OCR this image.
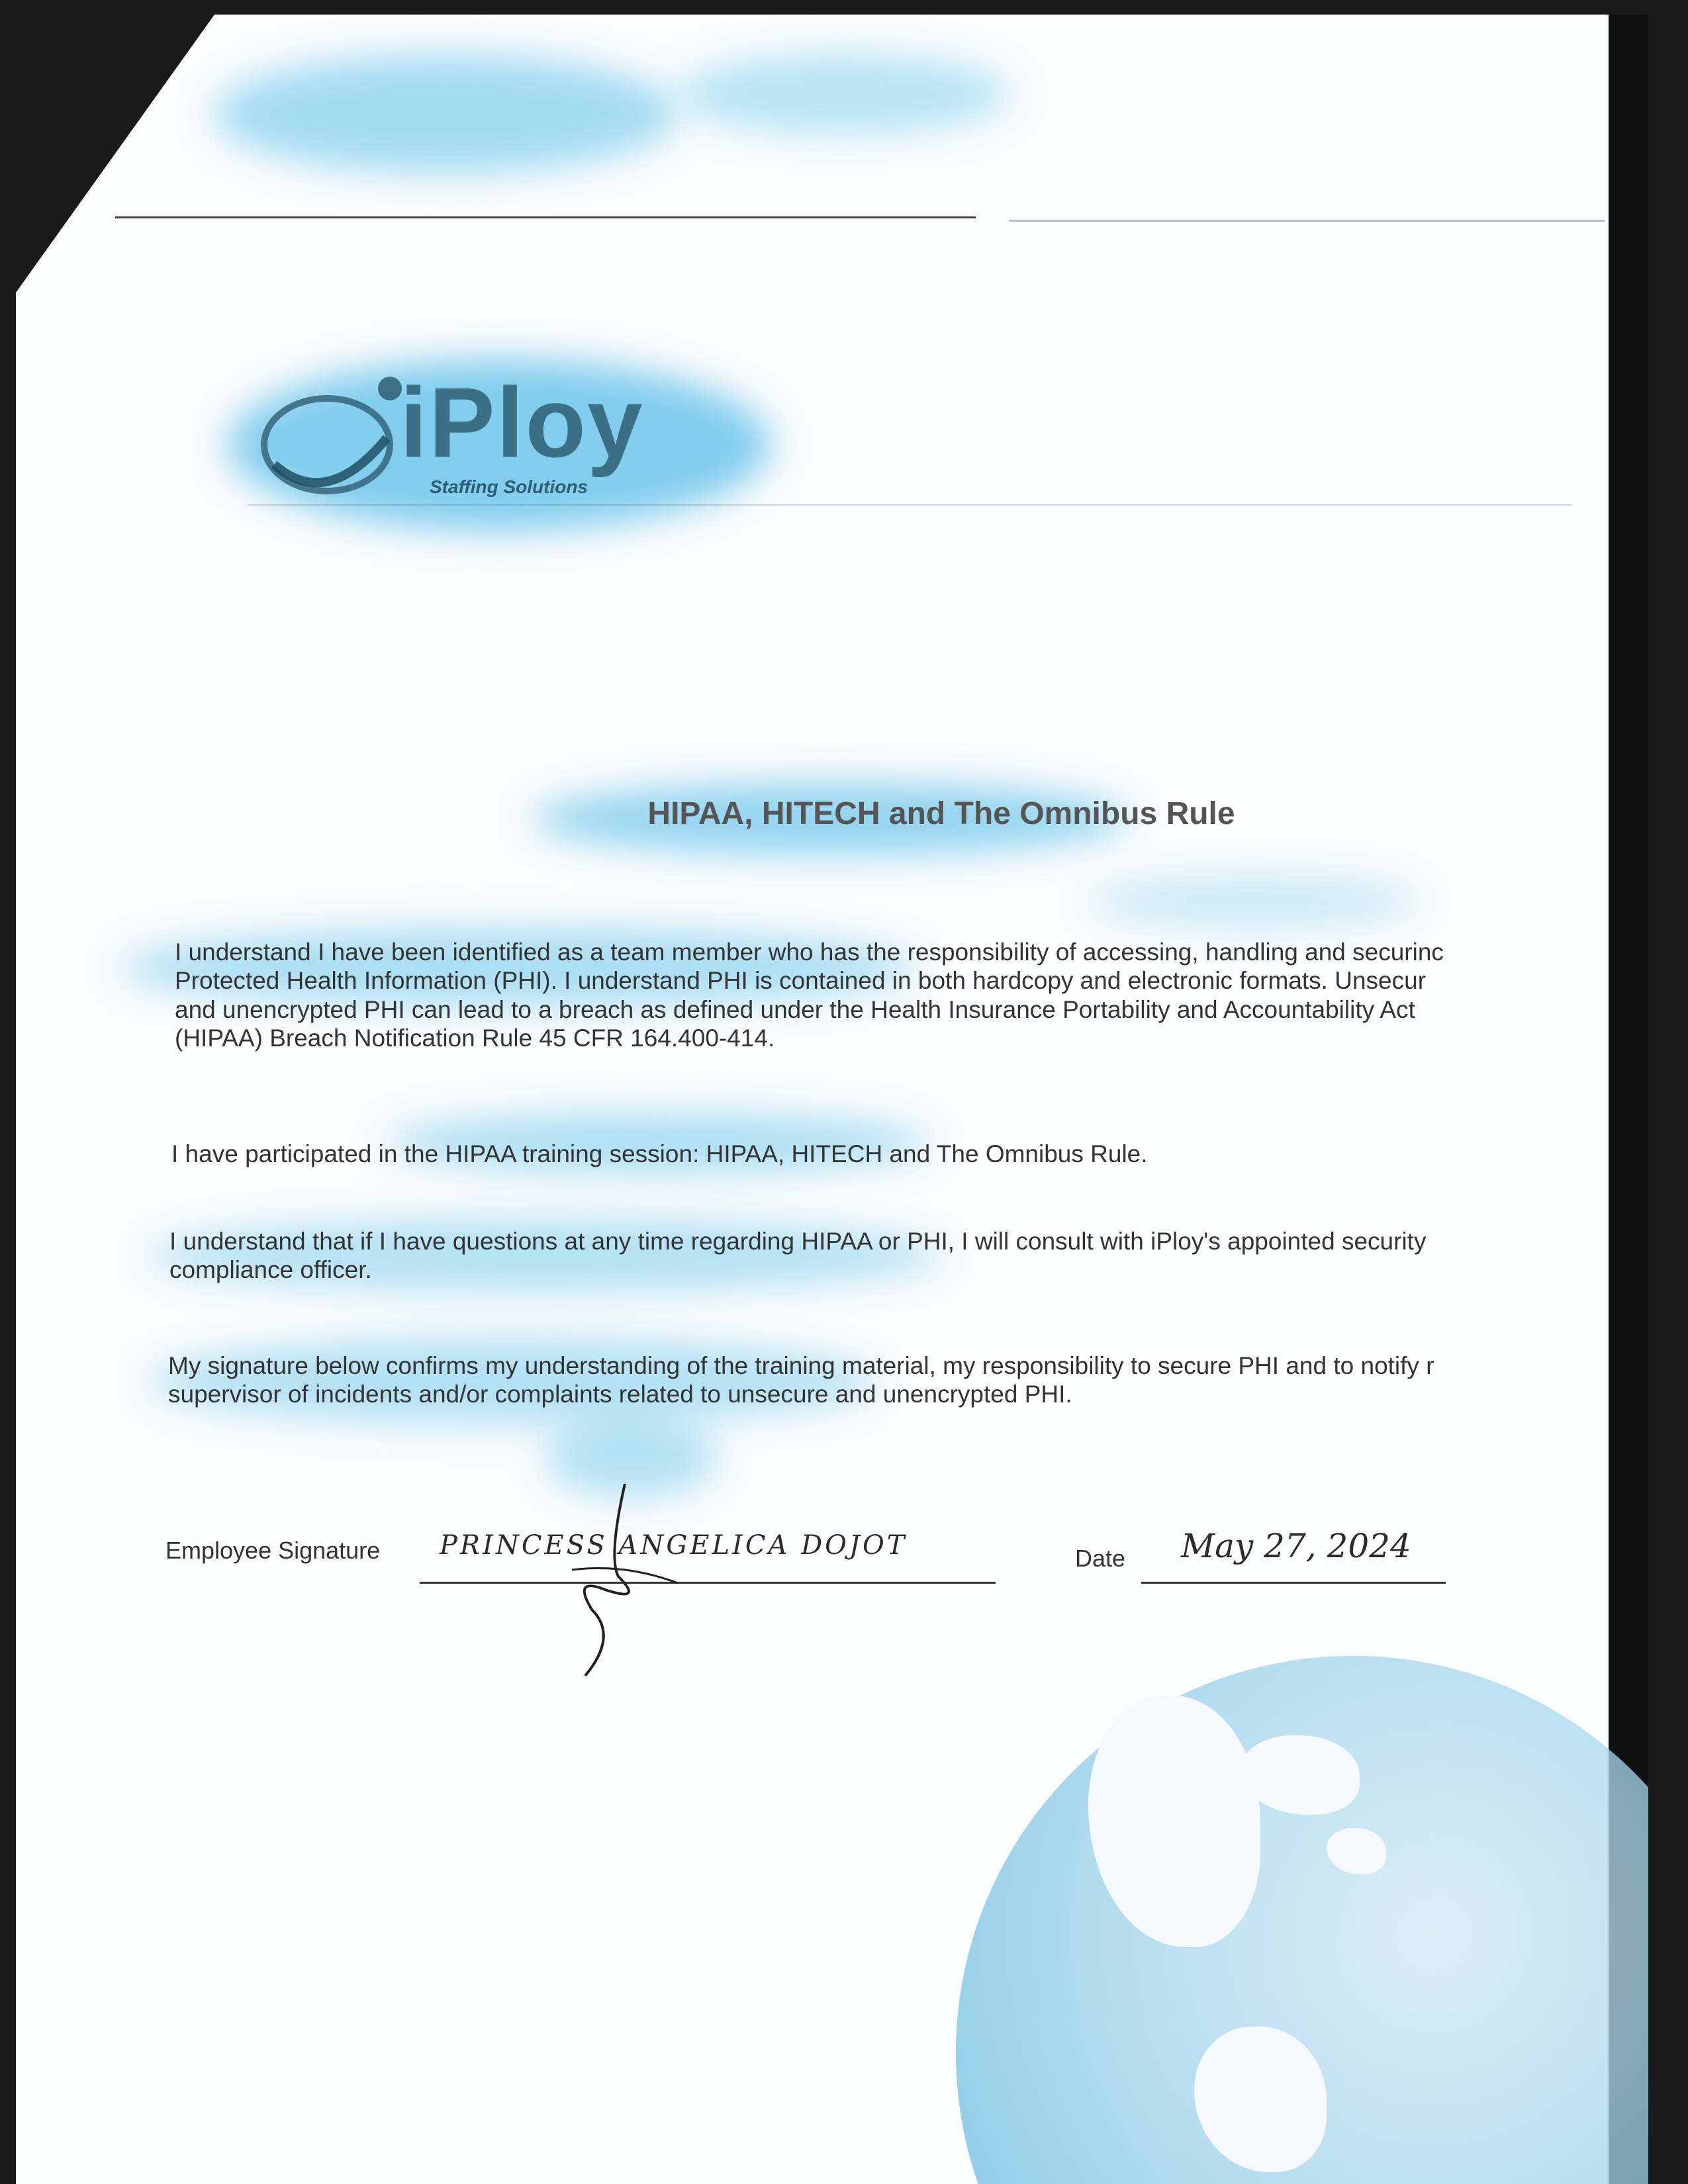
iPloy
Staffing Solutions
HIPAA, HITECH and The Omnibus Rule
I understand I have been identified as a team member who has the responsibility of accessing, handling and securinc
Protected Health Information (PHI). I understand PHI is contained in both hardcopy and electronic formats. Unsecur
and unencrypted PHI can lead to a breach as defined under the Health Insurance Portability and Accountability Act
(HIPAA) Breach Notification Rule 45 CFR 164.400-414.
I have participated in the HIPAA training session: HIPAA, HITECH and The Omnibus Rule.
I understand that if I have questions at any time regarding HIPAA or PHI, I will consult with iPloy's appointed security
compliance officer.
My signature below confirms my understanding of the training material, my responsibility to secure PHI and to notify r
supervisor of incidents and/or complaints related to unsecure and unencrypted PHI.
Employee Signature PRINCESS ANGELICA DOJOT	Date May 27, 2024
